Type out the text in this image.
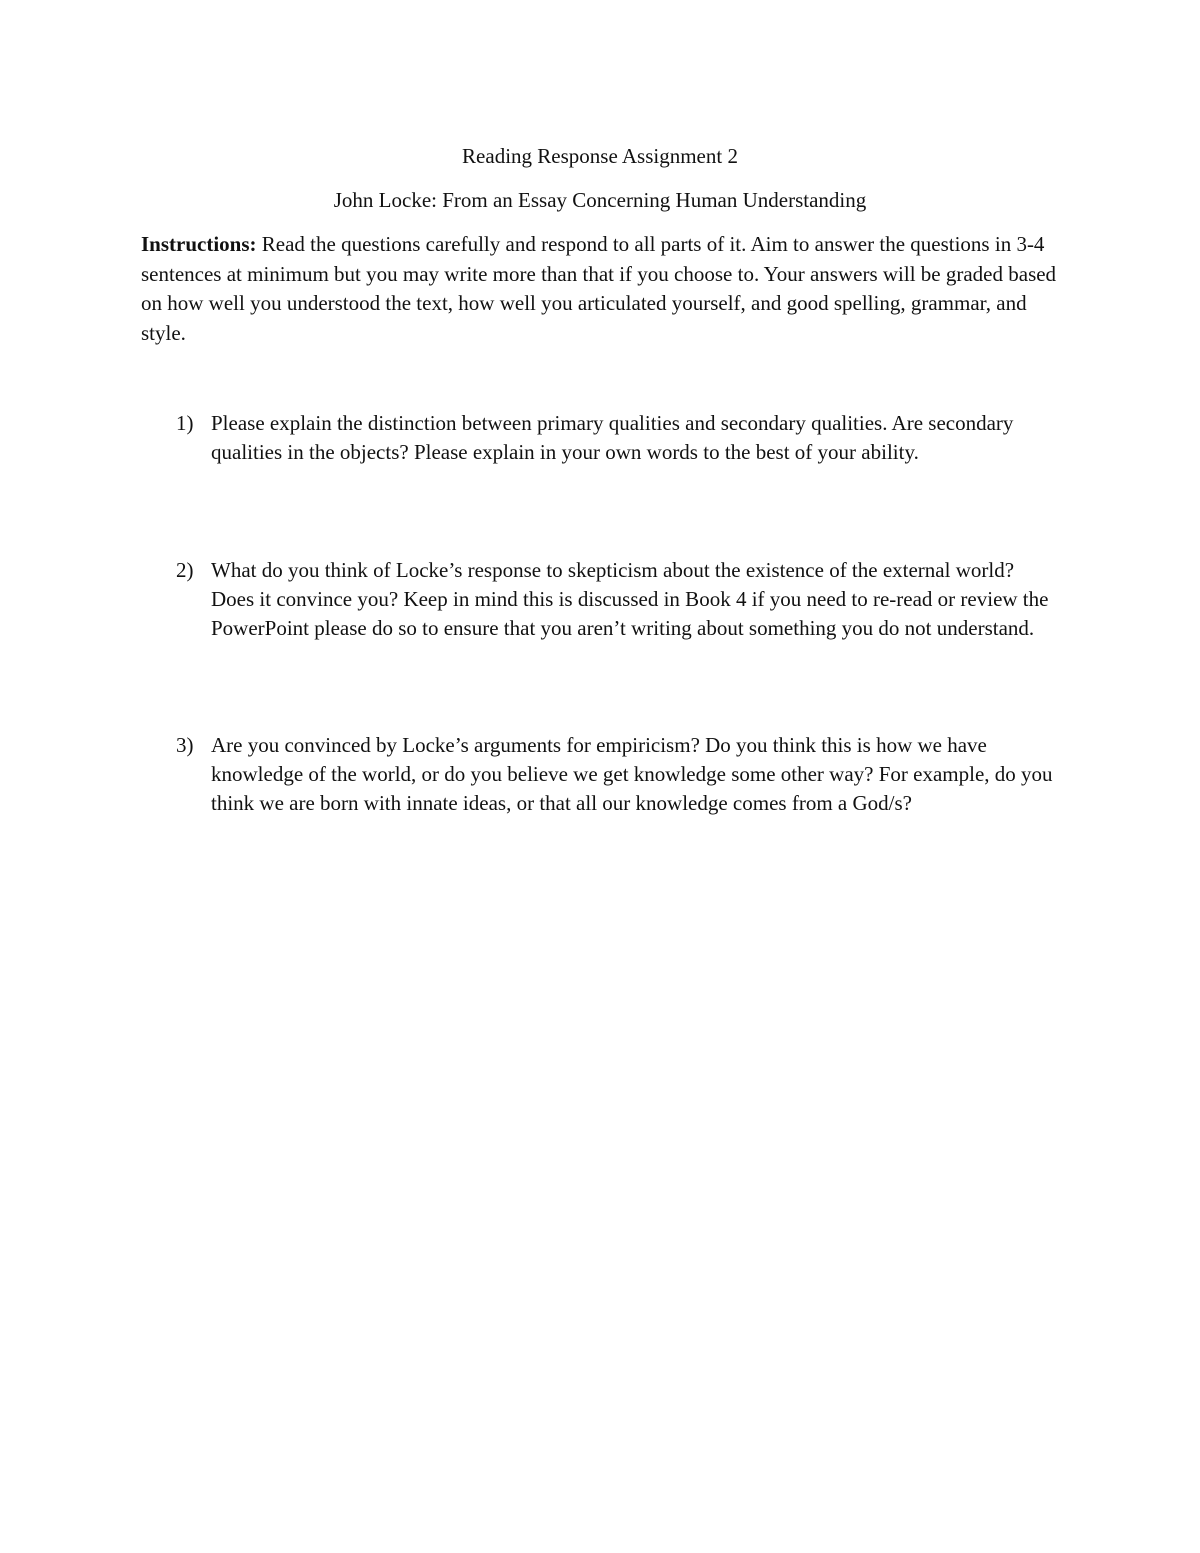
Reading Response Assignment 2
John Locke: From an Essay Concerning Human Understanding

Instructions: Read the questions carefully and respond to all parts of it. Aim to answer the questions in 3-4 sentences at minimum but you may write more than that if you choose to. Your answers will be graded based on how well you understood the text, how well you articulated yourself, and good spelling, grammar, and style.

1) Please explain the distinction between primary qualities and secondary qualities. Are secondary qualities in the objects? Please explain in your own words to the best of your ability.
2) What do you think of Locke’s response to skepticism about the existence of the external world? Does it convince you? Keep in mind this is discussed in Book 4 if you need to re-read or review the PowerPoint please do so to ensure that you aren’t writing about something you do not understand.
3) Are you convinced by Locke’s arguments for empiricism? Do you think this is how we have knowledge of the world, or do you believe we get knowledge some other way? For example, do you think we are born with innate ideas, or that all our knowledge comes from a God/s?
